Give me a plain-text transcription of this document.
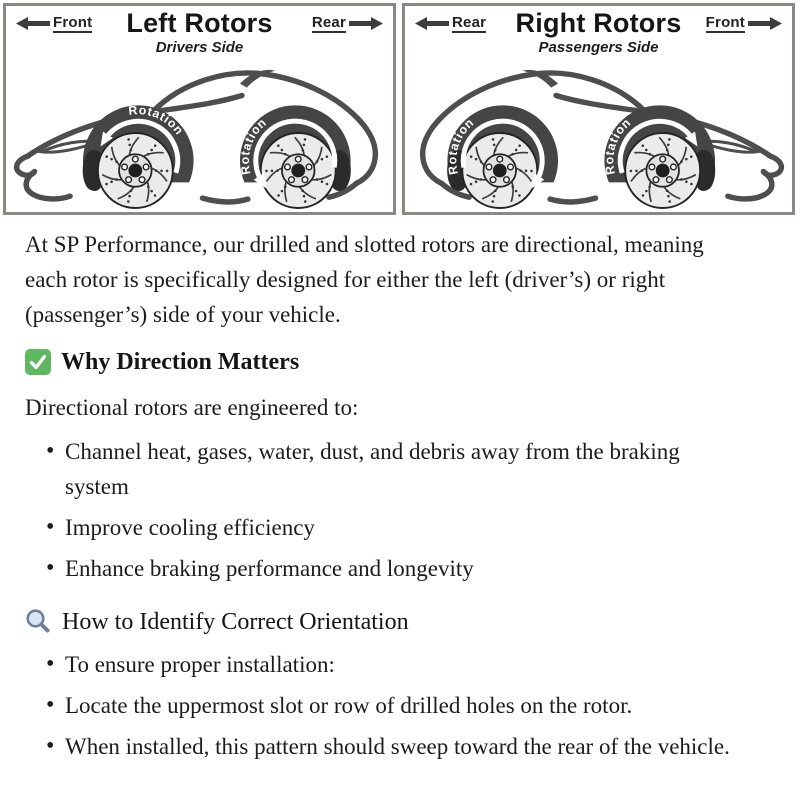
Front	Left Rotors
Drivers Side
Rear
Rotation
Rotation
Rear	Right Rotors
Passengers Side
Front
Rotation
Rotation

At SP Performance, our drilled and slotted rotors are directional, meaning each rotor is specifically designed for either the left (driver’s) or right (passenger’s) side of your vehicle.

Why Direction Matters

Directional rotors are engineered to:

• Channel heat, gases, water, dust, and debris away from the braking system
• Improve cooling efficiency
• Enhance braking performance and longevity
How to Identify Correct Orientation
• To ensure proper installation:
• Locate the uppermost slot or row of drilled holes on the rotor.
• When installed, this pattern should sweep toward the rear of the vehicle.
